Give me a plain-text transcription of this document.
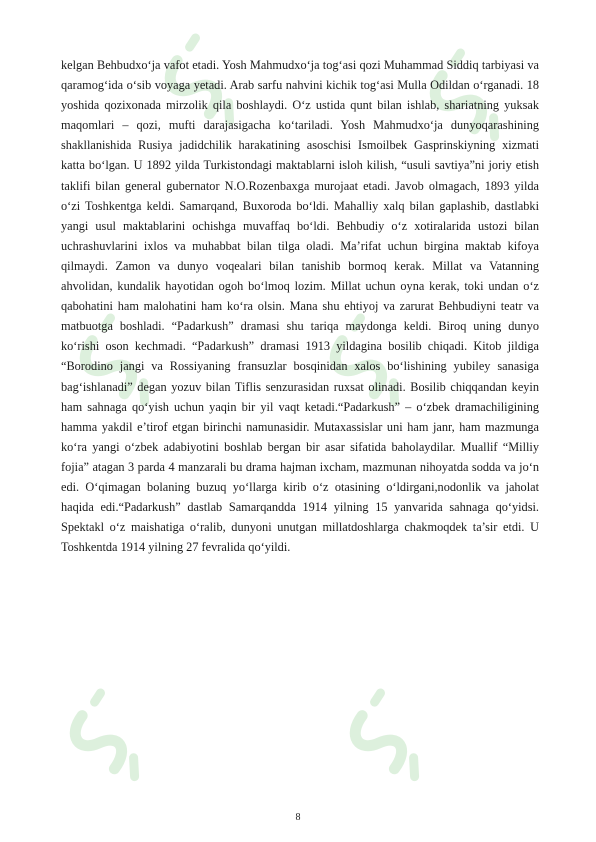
kelgan Behbudxo‘ja vafot etadi. Yosh Mahmudxo‘ja tog‘asi qozi Muhammad Siddiq tarbiyasi va qaramog‘ida o‘sib voyaga yetadi. Arab sarfu nahvini kichik tog‘asi Mulla Odildan o‘rganadi. 18 yoshida qozixonada mirzolik qila boshlaydi. O‘z ustida qunt bilan ishlab, shariatning yuksak maqomlari – qozi, mufti darajasigacha ko‘tariladi. Yosh Mahmudxo‘ja dunyoqarashining shakllanishida Rusiya jadidchilik harakatining asoschisi Ismoilbek Gasprinskiyning xizmati katta bo‘lgan. U 1892 yilda Turkistondagi maktablarni isloh kilish, “usuli savtiya”ni joriy etish taklifi bilan general gubernator N.O.Rozenbaxga murojaat etadi. Javob olmagach, 1893 yilda o‘zi Toshkentga keldi. Samarqand, Buxoroda bo‘ldi. Mahalliy xalq bilan gaplashib, dastlabki yangi usul maktablarini ochishga muvaffaq bo‘ldi. Behbudiy o‘z xotiralarida ustozi bilan uchrashuvlarini ixlos va muhabbat bilan tilga oladi. Ma’rifat uchun birgina maktab kifoya qilmaydi. Zamon va dunyo voqealari bilan tanishib bormoq kerak. Millat va Vatanning ahvolidan, kundalik hayotidan ogoh bo‘lmoq lozim. Millat uchun oyna kerak, toki undan o‘z qabohatini ham malohatini ham ko‘ra olsin. Mana shu ehtiyoj va zarurat Behbudiyni teatr va matbuotga boshladi. “Padarkush” dramasi shu tariqa maydonga keldi. Biroq uning dunyo ko‘rishi oson kechmadi. “Padarkush” dramasi 1913 yildagina bosilib chiqadi. Kitob jildiga “Borodino jangi va Rossiyaning fransuzlar bosqinidan xalos bo‘lishining yubiley sanasiga bag‘ishlanadi” degan yozuv bilan Tiflis senzurasidan ruxsat olinadi. Bosilib chiqqandan keyin ham sahnaga qo‘yish uchun yaqin bir yil vaqt ketadi.“Padarkush” – o‘zbek dramachiligining hamma yakdil e’tirof etgan birinchi namunasidir. Mutaxassislar uni ham janr, ham mazmunga ko‘ra yangi o‘zbek adabiyotini boshlab bergan bir asar sifatida baholaydilar. Muallif “Milliy fojia” atagan 3 parda 4 manzarali bu drama hajman ixcham, mazmunan nihoyatda sodda va jo‘n edi. O‘qimagan bolaning buzuq yo‘llarga kirib o‘z otasining o‘ldirgani,nodonlik va jaholat haqida edi.“Padarkush” dastlab Samarqandda 1914 yilning 15 yanvarida sahnaga qo‘yidsi. Spektakl o‘z maishatiga o‘ralib, dunyoni unutgan millatdoshlarga chakmoqdek ta’sir etdi. U Toshkentda 1914 yilning 27 fevralida qo‘yildi.

8
